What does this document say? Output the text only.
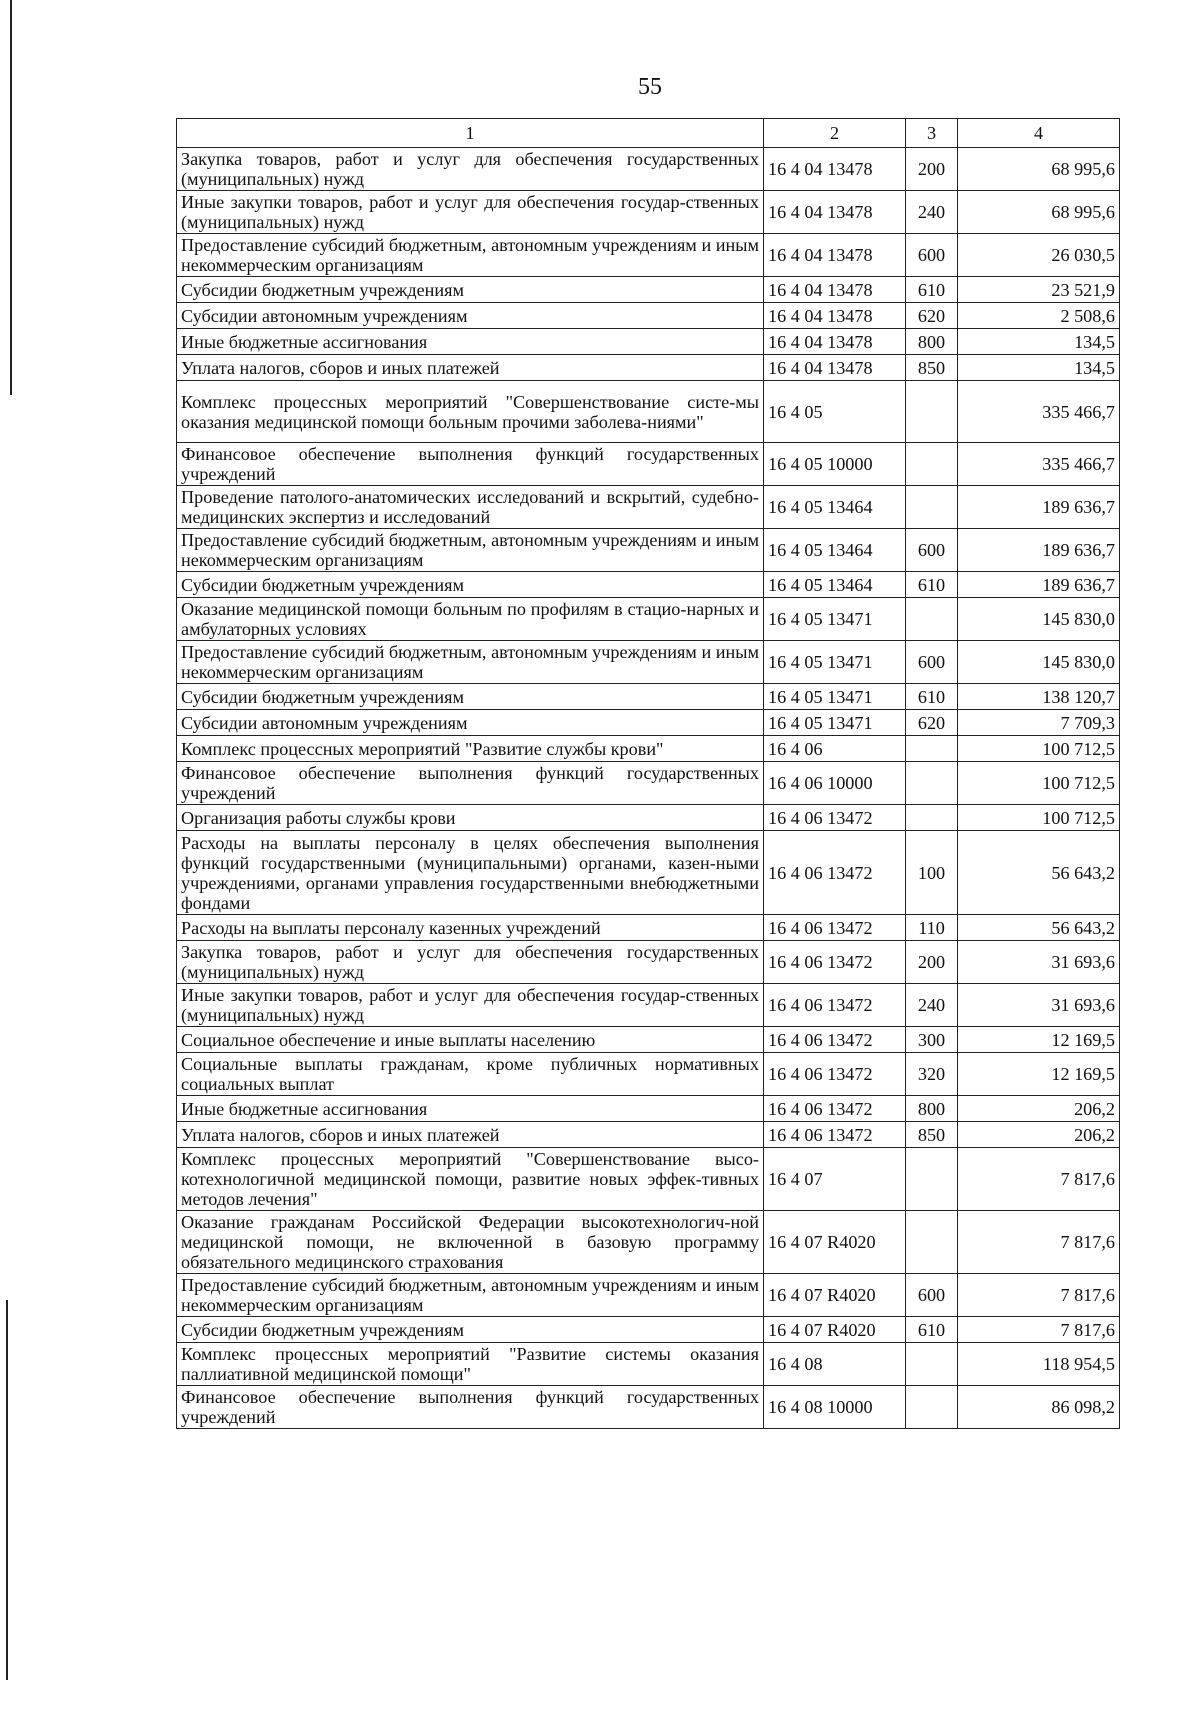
55
1	2	3	4
Закупка товаров, работ и услуг для обеспечения государственных (муниципальных) нужд	16 4 04 13478	200	68 995,6
Иные закупки товаров, работ и услуг для обеспечения государ-ственных (муниципальных) нужд	16 4 04 13478	240	68 995,6
Предоставление субсидий бюджетным, автономным учреждениям и иным некоммерческим организациям	16 4 04 13478	600	26 030,5
Субсидии бюджетным учреждениям	16 4 04 13478	610	23 521,9
Субсидии автономным учреждениям	16 4 04 13478	620	2 508,6
Иные бюджетные ассигнования	16 4 04 13478	800	134,5
Уплата налогов, сборов и иных платежей	16 4 04 13478	850	134,5
Комплекс процессных мероприятий "Совершенствование систе-мы оказания медицинской помощи больным прочими заболева-ниями"	16 4 05		335 466,7
Финансовое обеспечение выполнения функций государственных учреждений	16 4 05 10000		335 466,7
Проведение патолого-анатомических исследований и вскрытий, судебно-медицинских экспертиз и исследований	16 4 05 13464		189 636,7
Предоставление субсидий бюджетным, автономным учреждениям и иным некоммерческим организациям	16 4 05 13464	600	189 636,7
Субсидии бюджетным учреждениям	16 4 05 13464	610	189 636,7
Оказание медицинской помощи больным по профилям в стацио-нарных и амбулаторных условиях	16 4 05 13471		145 830,0
Предоставление субсидий бюджетным, автономным учреждениям и иным некоммерческим организациям	16 4 05 13471	600	145 830,0
Субсидии бюджетным учреждениям	16 4 05 13471	610	138 120,7
Субсидии автономным учреждениям	16 4 05 13471	620	7 709,3
Комплекс процессных мероприятий "Развитие службы крови"	16 4 06		100 712,5
Финансовое обеспечение выполнения функций государственных учреждений	16 4 06 10000		100 712,5
Организация работы службы крови	16 4 06 13472		100 712,5
Расходы на выплаты персоналу в целях обеспечения выполнения функций государственными (муниципальными) органами, казен-ными учреждениями, органами управления государственными внебюджетными фондами	16 4 06 13472	100	56 643,2
Расходы на выплаты персоналу казенных учреждений	16 4 06 13472	110	56 643,2
Закупка товаров, работ и услуг для обеспечения государственных (муниципальных) нужд	16 4 06 13472	200	31 693,6
Иные закупки товаров, работ и услуг для обеспечения государ-ственных (муниципальных) нужд	16 4 06 13472	240	31 693,6
Социальное обеспечение и иные выплаты населению	16 4 06 13472	300	12 169,5
Социальные выплаты гражданам, кроме публичных нормативных социальных выплат	16 4 06 13472	320	12 169,5
Иные бюджетные ассигнования	16 4 06 13472	800	206,2
Уплата налогов, сборов и иных платежей	16 4 06 13472	850	206,2
Комплекс процессных мероприятий "Совершенствование высо-котехнологичной медицинской помощи, развитие новых эффек-тивных методов лечения"	16 4 07		7 817,6
Оказание гражданам Российской Федерации высокотехнологич-ной медицинской помощи, не включенной в базовую программу обязательного медицинского страхования	16 4 07 R4020		7 817,6
Предоставление субсидий бюджетным, автономным учреждениям и иным некоммерческим организациям	16 4 07 R4020	600	7 817,6
Субсидии бюджетным учреждениям	16 4 07 R4020	610	7 817,6
Комплекс процессных мероприятий "Развитие системы оказания паллиативной медицинской помощи"	16 4 08		118 954,5
Финансовое обеспечение выполнения функций государственных учреждений	16 4 08 10000		86 098,2
